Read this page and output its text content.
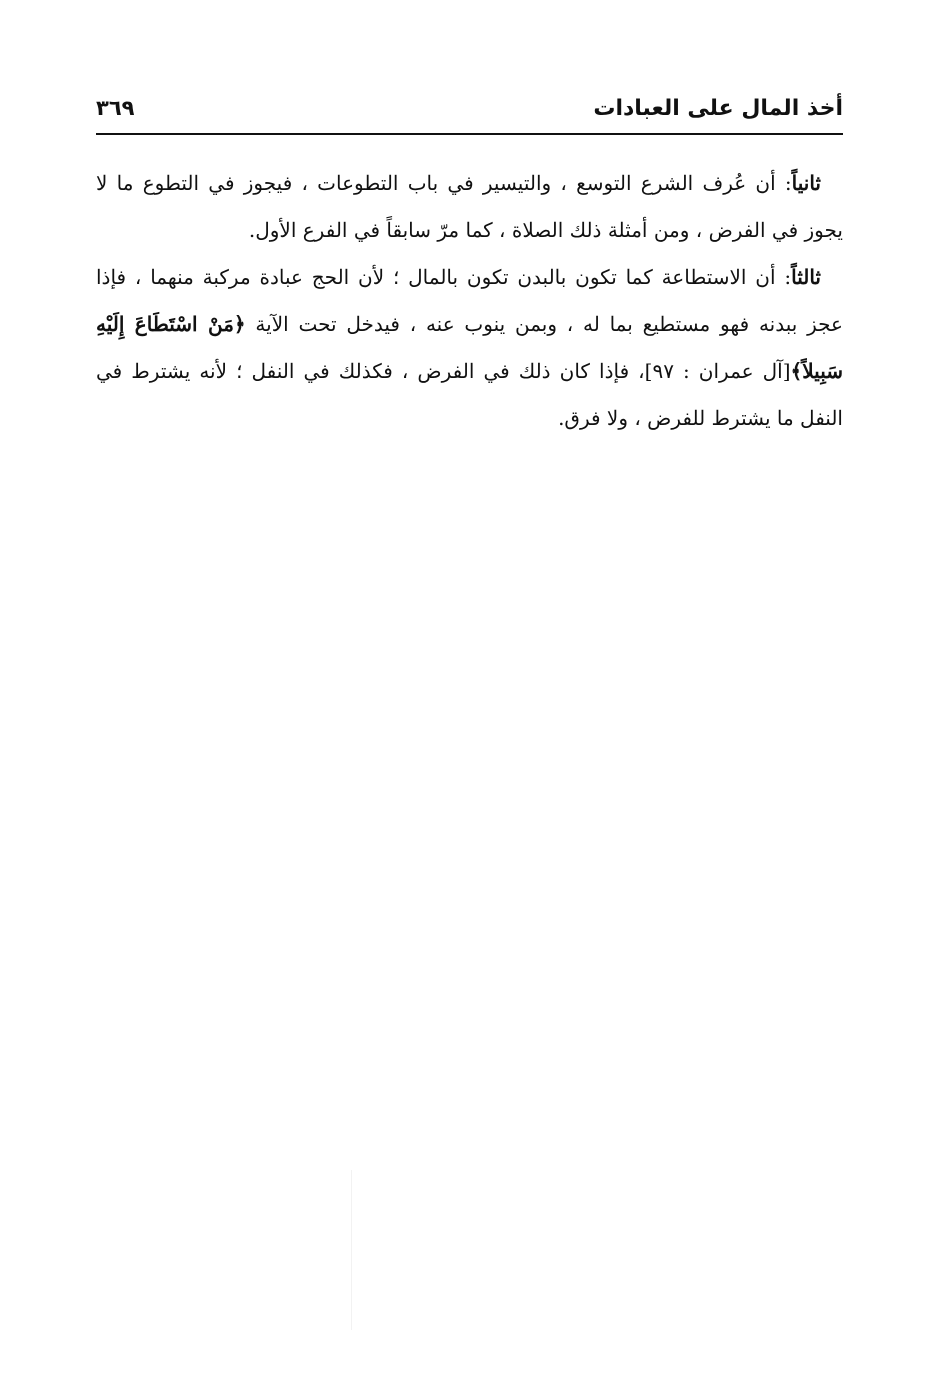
أخذ المال على العبادات
٣٦٩

ثانياً: أن عُرف الشرع التوسع ، والتيسير في باب التطوعات ، فيجوز في التطوع ما لا يجوز في الفرض ، ومن أمثلة ذلك الصلاة ، كما مرّ سابقاً في الفرع الأول.

ثالثاً: أن الاستطاعة كما تكون بالبدن تكون بالمال ؛ لأن الحج عبادة مركبة منهما ، فإذا عجز ببدنه فهو مستطيع بما له ، وبمن ينوب عنه ، فيدخل تحت الآية ﴿مَنْ اسْتَطَاعَ إِلَيْهِ سَبِيلاً﴾[آل عمران : ٩٧]، فإذا كان ذلك في الفرض ، فكذلك في النفل ؛ لأنه يشترط في النفل ما يشترط للفرض ، ولا فرق.
